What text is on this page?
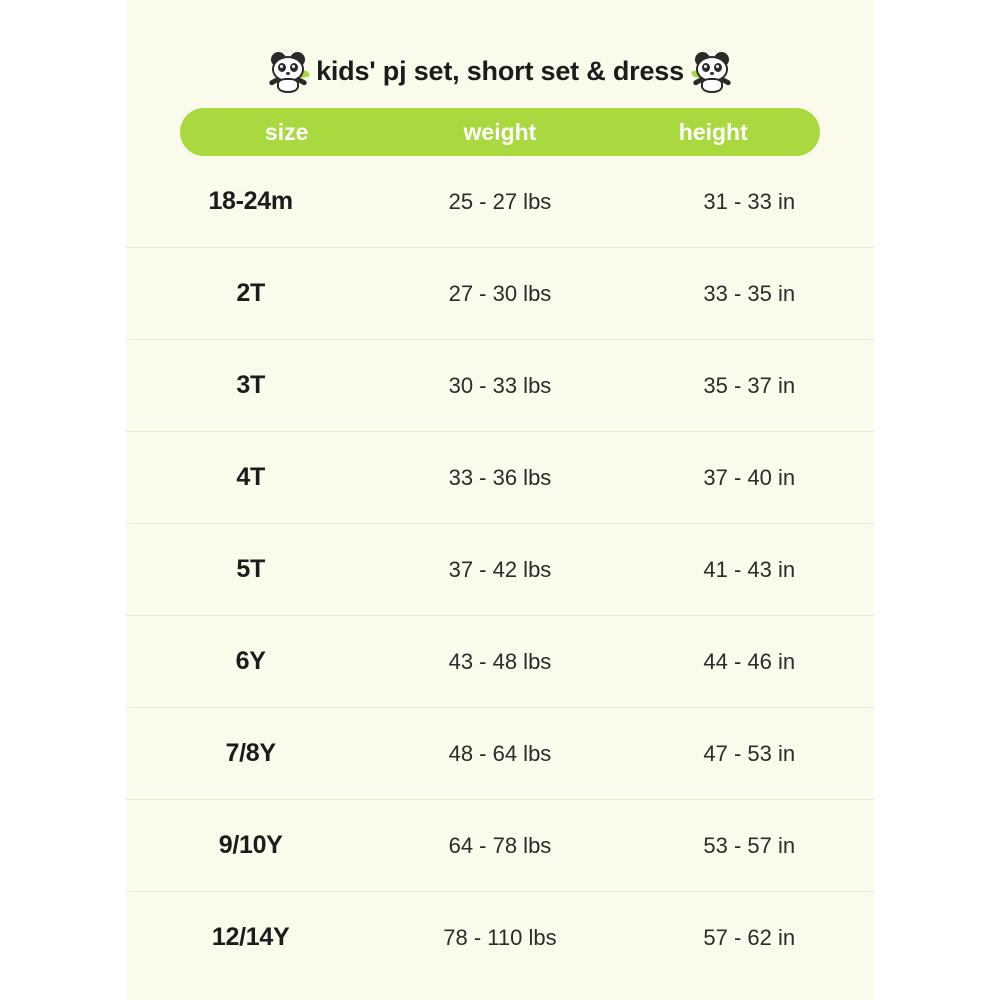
kids' pj set, short set & dress
size	weight	height
18-24m	25 - 27 lbs	31 - 33 in
2T	27 - 30 lbs	33 - 35 in
3T	30 - 33 lbs	35 - 37 in
4T	33 - 36 lbs	37 - 40 in
5T	37 - 42 lbs	41 - 43 in
6Y	43 - 48 lbs	44 - 46 in
7/8Y	48 - 64 lbs	47 - 53 in
9/10Y	64 - 78 lbs	53 - 57 in
12/14Y	78 - 110 lbs	57 - 62 in
